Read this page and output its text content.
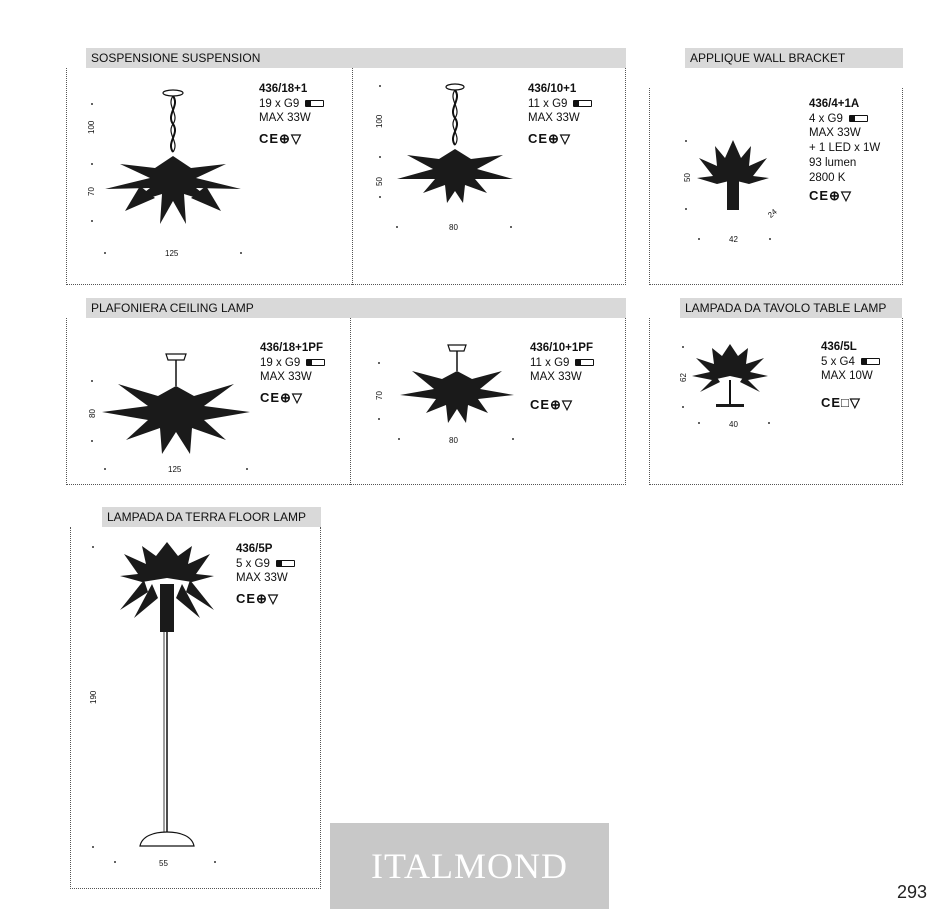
SOSPENSIONE SUSPENSION	APPLIQUE WALL BRACKET
PLAFONIERA CEILING LAMP	LAMPADA DA TAVOLO TABLE LAMP
LAMPADA DA TERRA FLOOR LAMP
100
70
125
436/18+1
19 x G9
MAX 33W
CE⊕▽
100
50
80
436/10+1
11 x G9
MAX 33W
CE⊕▽
50
42
24
436/4+1A
4 x G9
MAX 33W
+ 1 LED x 1W
93 lumen
2800 K
CE⊕▽
80
125
436/18+1PF
19 x G9
MAX 33W
CE⊕▽	70
80
436/10+1PF
11 x G9
MAX 33W
CE⊕▽
62
40
436/5L
5 x G4
MAX 10W
CE□▽
190
55
436/5P
5 x G9
MAX 33W
CE⊕▽
ITALMOND
293
